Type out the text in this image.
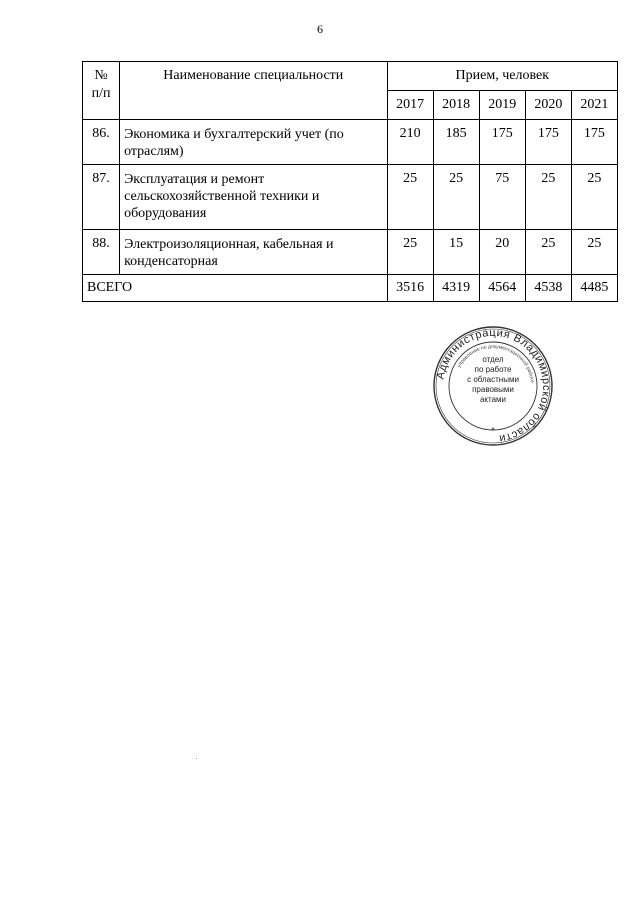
6
№
п/п	Наименование специальности	Прием, человек				
		2017	2018	2019	2020	2021
86.	Экономика и бухгалтерский учет (по отраслям)	210	185	175	175	175
87.	Эксплуатация и ремонт сельскохозяйственной техники и оборудования	25	25	75	25	25
88.	Электроизоляционная, кабельная и конденсаторная	25	15	20	25	25
ВСЕГО		3516	4319	4564	4538	4485
Администрация Владимирской области
управление по документационной работе
*
отдел
по работе
с областными
правовыми
актами
